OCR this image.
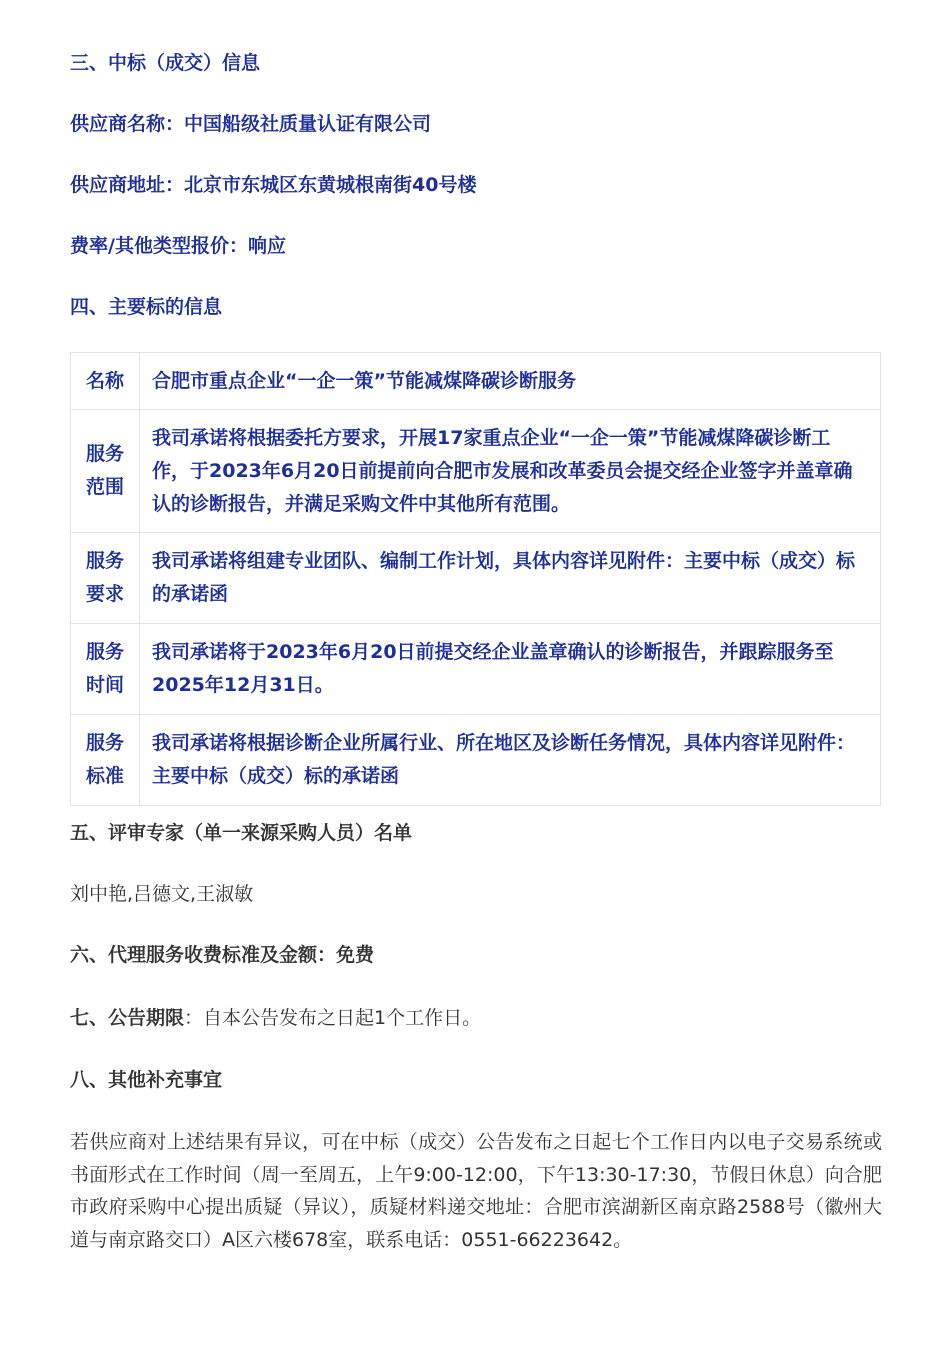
三、中标（成交）信息

供应商名称：中国船级社质量认证有限公司

供应商地址：北京市东城区东黄城根南街40号楼

费率/其他类型报价：响应

四、主要标的信息

名称	合肥市重点企业“一企一策”节能减煤降碳诊断服务
服务范围	我司承诺将根据委托方要求，开展17家重点企业“一企一策”节能减煤降碳诊断工作，于2023年6月20日前提前向合肥市发展和改革委员会提交经企业签字并盖章确认的诊断报告，并满足采购文件中其他所有范围。
服务要求	我司承诺将组建专业团队、编制工作计划，具体内容详见附件：主要中标（成交）标的承诺函
服务时间	我司承诺将于2023年6月20日前提交经企业盖章确认的诊断报告，并跟踪服务至2025年12月31日。
服务标准	我司承诺将根据诊断企业所属行业、所在地区及诊断任务情况，具体内容详见附件：主要中标（成交）标的承诺函

五、评审专家（单一来源采购人员）名单

刘中艳,吕德文,王淑敏

六、代理服务收费标准及金额：免费

七、公告期限：自本公告发布之日起1个工作日。

八、其他补充事宜

若供应商对上述结果有异议，可在中标（成交）公告发布之日起七个工作日内以电子交易系统或书面形式在工作时间（周一至周五，上午9:00-12:00，下午13:30-17:30，节假日休息）向合肥市政府采购中心提出质疑（异议），质疑材料递交地址：合肥市滨湖新区南京路2588号（徽州大道与南京路交口）A区六楼678室，联系电话：0551-66223642。
